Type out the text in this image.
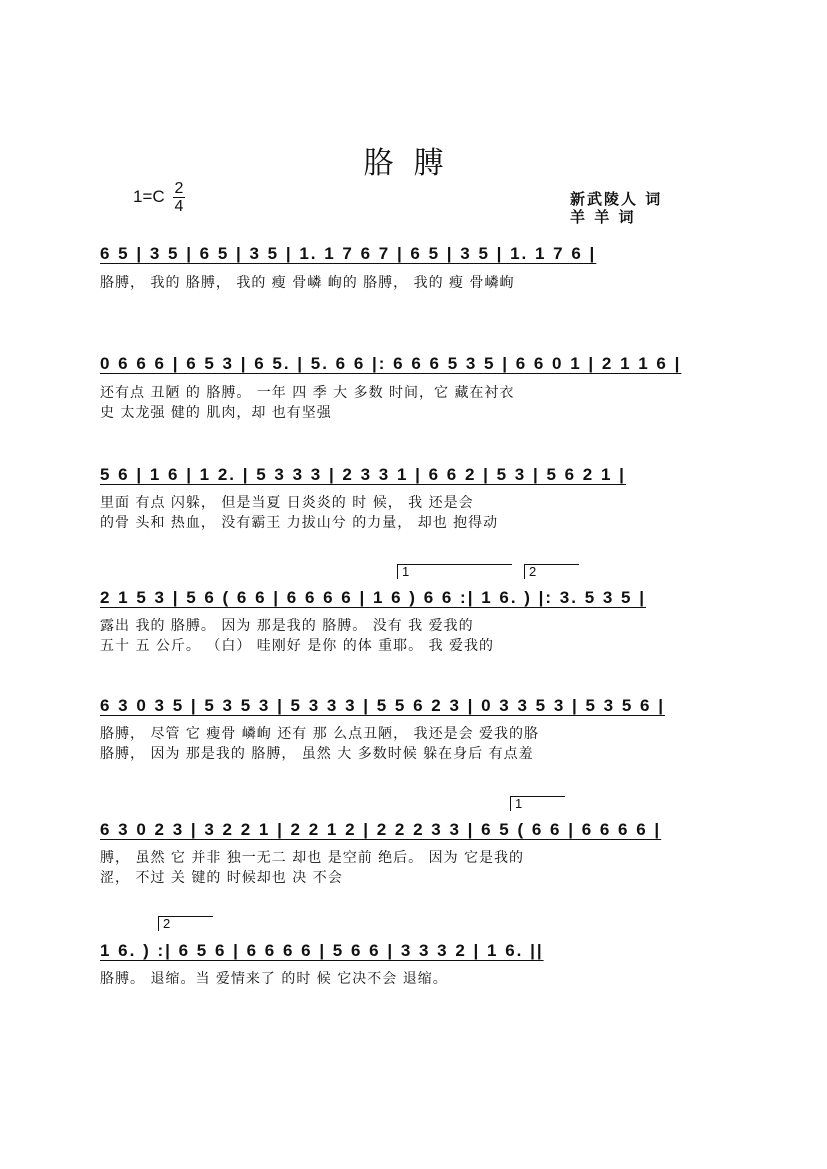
胳膊
1=C 2
4	新武陵人 词
羊 羊 词
6 5 | 3 5 | 6 5 | 3 5 | 1. 1 7 6 7 | 6 5 | 3 5 | 1. 1 7 6 |
胳膊， 我的 胳膊， 我的 瘦 骨嶙 峋的 胳膊， 我的 瘦 骨嶙峋
0 6 6 6 | 6 5 3 | 6 5. | 5. 6 6 |: 6 6 6 5 3 5 | 6 6 0 1 | 2 1 1 6 |
还有点 丑陋 的 胳膊。 一年 四 季 大 多数 时间，它 藏在衬衣
史 太龙强 健的 肌肉，却 也有坚强
5 6 | 1 6 | 1 2. | 5 3 3 3 | 2 3 3 1 | 6 6 2 | 5 3 | 5 6 2 1 |
里面 有点 闪躲， 但是当夏 日炎炎的 时 候， 我 还是会
的骨 头和 热血， 没有霸王 力拔山兮 的力量， 却也 抱得动
1	2
2 1 5 3 | 5 6 ( 6 6 | 6 6 6 6 | 1 6 ) 6 6 :| 1 6. ) |: 3. 5 3 5 |
露出 我的 胳膊。 因为 那是我的 胳膊。 没有 我 爱我的
五十 五 公斤。 （白） 哇刚好 是你 的体 重耶。 我 爱我的
6 3 0 3 5 | 5 3 5 3 | 5 3 3 3 | 5 5 6 2 3 | 0 3 3 5 3 | 5 3 5 6 |
胳膊， 尽管 它 瘦骨 嶙峋 还有 那 么点丑陋， 我还是会 爱我的胳
胳膊， 因为 那是我的 胳膊， 虽然 大 多数时候 躲在身后 有点羞
1
6 3 0 2 3 | 3 2 2 1 | 2 2 1 2 | 2 2 2 3 3 | 6 5 ( 6 6 | 6 6 6 6 |
膊， 虽然 它 并非 独一无二 却也 是空前 绝后。 因为 它是我的
涩， 不过 关 键的 时候却也 决 不会
2
1 6. ) :| 6 5 6 | 6 6 6 6 | 5 6 6 | 3 3 3 2 | 1 6. ||
胳膊。 退缩。当 爱情来了 的时 候 它决不会 退缩。
